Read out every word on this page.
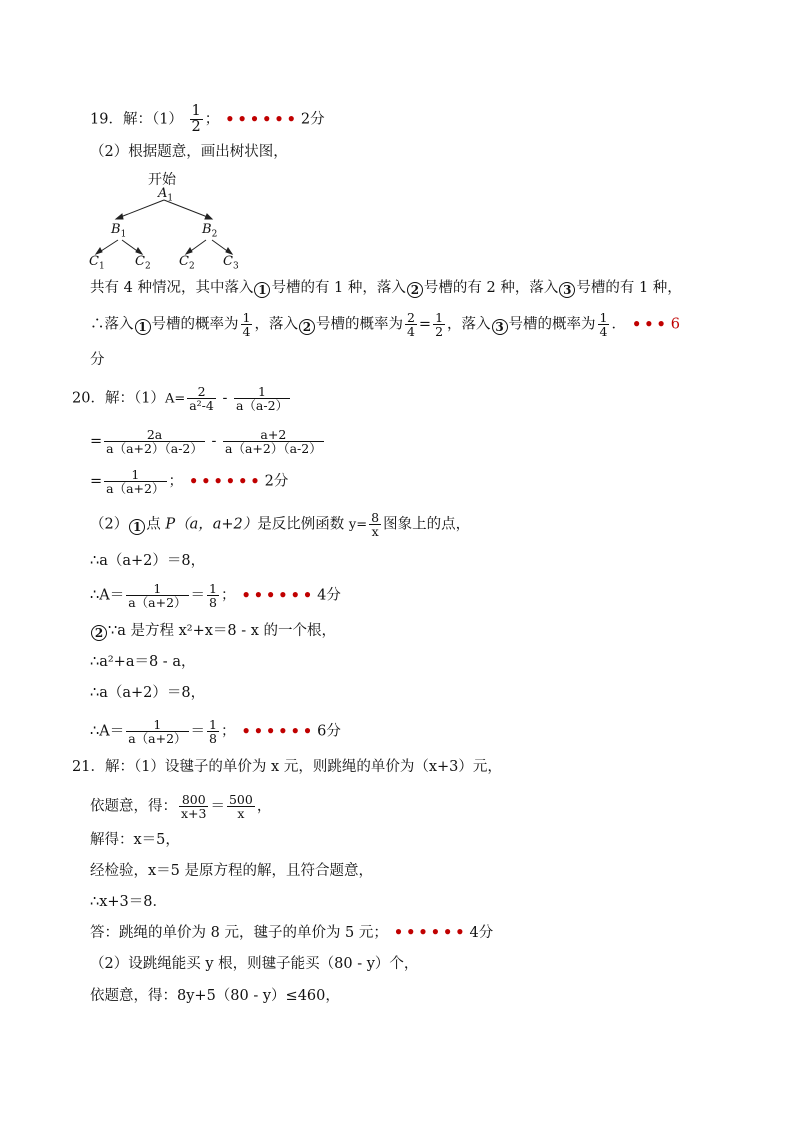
19．解：$(1) \frac{1}{2}$ ； •••••• 2分
（2）根据题意，画出树状图，
开始
$A_1$
$B_1$	$B_2$
$C_1$ $C_2$ $C_2$ $C_3$
共有 4 种情况，其中落入 1 号槽的有 1 种，落入 2 号槽的有 2 种，落入 3 号槽的有 1 种，
∴落入 1 号槽的概率为 $\frac{1}{4}$ ，落入 2 号槽的概率为 $\frac{2}{4} = \frac{1}{2}$ ，落入 3 号槽的概率为 $\frac{1}{4}$ ． ••• 6
分
20．解：$(1)A= \frac{2}{\text{a²-4}} - \frac{1}{a(a-2)}$
= $\frac{2a}{a(a+2)(a-2)} - \frac{a+2}{a(a+2)(a-2)}$
= $\frac{1}{a(a+2)}$ ； •••••• 2分
（2） 1 点 P（a，a+2）是反比例函数 $y= \frac{8}{x}$ 图象上的点，
∴a（a+2）＝8，
∴A＝ $\frac{1}{a(a+2)} = \frac{1}{8}$ ； •••••• 4分
2 ∵a 是方程 x²+x＝8 - x 的一个根，
∴a²+a＝8 - a，
∴a（a+2）＝8，
∴A＝ $\frac{1}{a(a+2)} = \frac{1}{8}$ ； •••••• 6分
21．解：（1）设毽子的单价为 x 元，则跳绳的单价为（x+3）元，
依题意，得： $\frac{800}{x+3} = \frac{500}{x}$ ，
解得：x＝5，
经检验，x＝5 是原方程的解，且符合题意，
∴x+3＝8．
答：跳绳的单价为 8 元，毽子的单价为 5 元； •••••• 4分
（2）设跳绳能买 y 根，则毽子能买（80 - y）个，
依题意，得：8y+5（80 - y）≤460，
